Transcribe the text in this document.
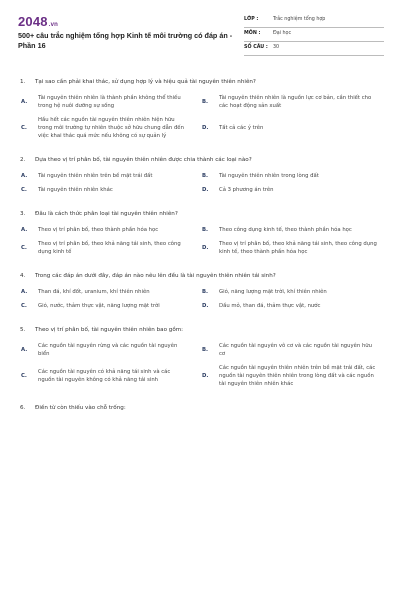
2048.vn
500+ câu trắc nghiệm tổng hợp Kinh tế môi trường có đáp án - Phần 16
LỚP :	Trắc nghiệm tổng hợp
MÔN :	Đại học
SỐ CÂU : 30
1.	Tại sao cần phải khai thác, sử dụng hợp lý và hiệu quả tài nguyên thiên nhiên?
A.
Tài nguyên thiên nhiên là thành phần không thể thiếu trong hệ nuôi dưỡng sự sống
B.
Tài nguyên thiên nhiên là nguồn lực cơ bản, cần thiết cho các hoạt động sản xuất
C.
Hầu hết các nguồn tài nguyên thiên nhiên hiện hữu trong môi trường tự nhiên thuộc sở hữu chung dẫn đến việc khai thác quá mức nếu không có sự quản lý
D.	Tất cả các ý trên
2.	Dựa theo vị trí phân bố, tài nguyên thiên nhiên được chia thành các loại nào?
A.	Tài nguyên thiên nhiên trên bề mặt trái đất	B.	Tài nguyên thiên nhiên trong lòng đất
C.	Tài nguyên thiên nhiên khác	D.	Cả 3 phương án trên
3.	Đâu là cách thức phân loại tài nguyên thiên nhiên?
A.	Theo vị trí phân bố, theo thành phần hóa học	B.	Theo công dụng kinh tế, theo thành phần hóa học
C.
Theo vị trí phân bố, theo khả năng tái sinh, theo công dụng kinh tế
D.
Theo vị trí phân bố, theo khả năng tái sinh, theo công dụng kinh tế, theo thành phần hóa học
4.	Trong các đáp án dưới đây, đáp án nào nêu lên đều là tài nguyên thiên nhiên tái sinh?
A.	Than đá, khí đốt, uranium, khí thiên nhiên	B.	Gió, năng lượng mặt trời, khí thiên nhiên
C.	Gió, nước, thảm thực vật, năng lượng mặt trời	D.	Dầu mỏ, than đá, thảm thực vật, nước
5.	Theo vị trí phân bố, tài nguyên thiên nhiên bao gồm:
A.
Các nguồn tài nguyên rừng và các nguồn tài nguyên biển
B.
Các nguồn tài nguyên vô cơ và các nguồn tài nguyên hữu cơ
C.
Các nguồn tài nguyên có khả năng tái sinh và các nguồn tài nguyên không có khả năng tái sinh
D.
Các nguồn tài nguyên thiên nhiên trên bề mặt trái đất, các nguồn tài nguyên thiên nhiên trong lòng đất và các nguồn tài nguyên thiên nhiên khác
6.	Điền từ còn thiếu vào chỗ trống:
